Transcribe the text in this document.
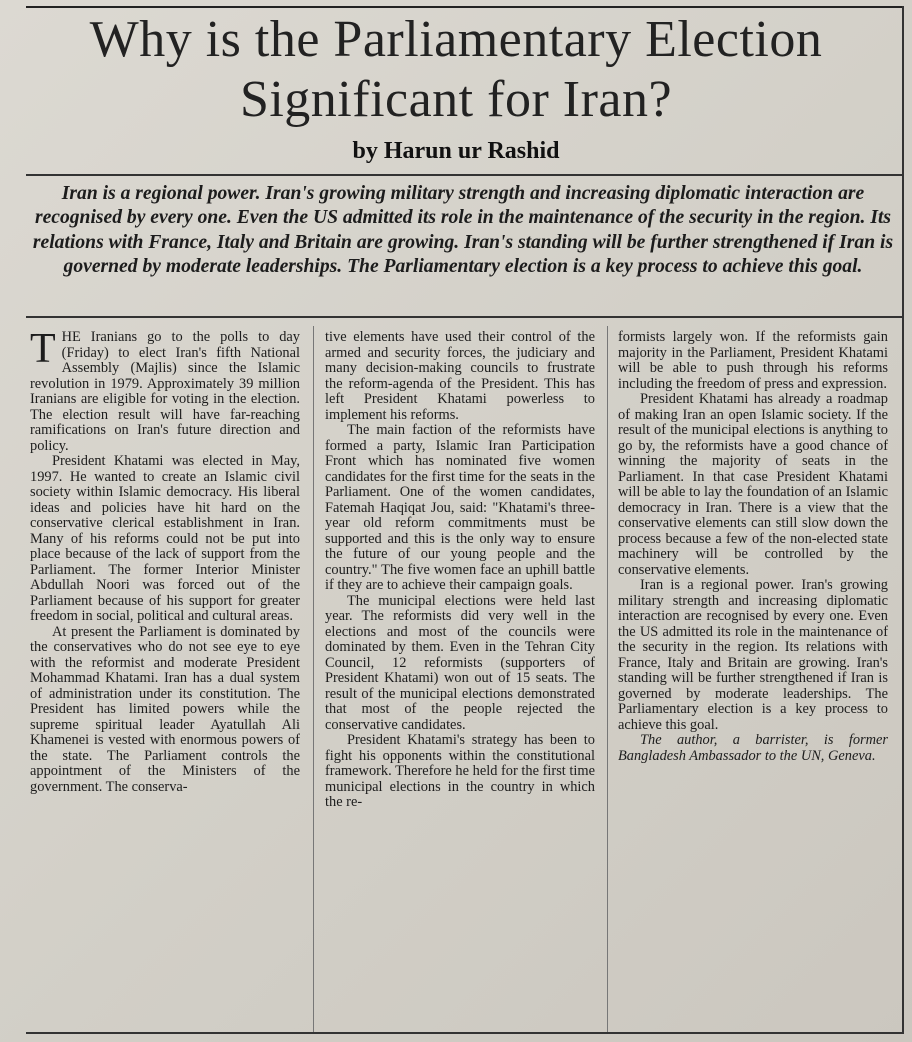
Why is the Parliamentary Election
Significant for Iran?
by Harun ur Rashid
Iran is a regional power. Iran's growing military strength and increasing diplomatic interaction are recognised by every one. Even the US admitted its role in the maintenance of the security in the region. Its relations with France, Italy and Britain are growing. Iran's standing will be further strengthened if Iran is governed by moderate leaderships. The Parliamentary election is a key process to achieve this goal.

THE Iranians go to the polls to day (Friday) to elect Iran's fifth National Assembly (Majlis) since the Islamic revolution in 1979. Approximately 39 million Iranians are eligible for voting in the election. The election result will have far-reaching ramifications on Iran's future direction and policy.

President Khatami was elected in May, 1997. He wanted to create an Islamic civil society within Islamic democracy. His liberal ideas and policies have hit hard on the conservative clerical establishment in Iran. Many of his reforms could not be put into place because of the lack of support from the Parliament. The former Interior Minister Abdullah Noori was forced out of the Parliament because of his support for greater freedom in social, political and cultural areas.

At present the Parliament is dominated by the conservatives who do not see eye to eye with the reformist and moderate President Mohammad Khatami. Iran has a dual system of administration under its constitution. The President has limited powers while the supreme spiritual leader Ayatullah Ali Khamenei is vested with enormous powers of the state. The Parliament controls the appointment of the Ministers of the government. The conserva-

tive elements have used their control of the armed and security forces, the judiciary and many decision-making councils to frustrate the reform-agenda of the President. This has left President Khatami powerless to implement his reforms.

The main faction of the reformists have formed a party, Islamic Iran Participation Front which has nominated five women candidates for the first time for the seats in the Parliament. One of the women candidates, Fatemah Haqiqat Jou, said: "Khatami's three-year old reform commitments must be supported and this is the only way to ensure the future of our young people and the country." The five women face an uphill battle if they are to achieve their campaign goals.

The municipal elections were held last year. The reformists did very well in the elections and most of the councils were dominated by them. Even in the Tehran City Council, 12 reformists (supporters of President Khatami) won out of 15 seats. The result of the municipal elections demonstrated that most of the people rejected the conservative candidates.

President Khatami's strategy has been to fight his opponents within the constitutional framework. Therefore he held for the first time municipal elections in the country in which the re-

formists largely won. If the reformists gain majority in the Parliament, President Khatami will be able to push through his reforms including the freedom of press and expression.

President Khatami has already a roadmap of making Iran an open Islamic society. If the result of the municipal elections is anything to go by, the reformists have a good chance of winning the majority of seats in the Parliament. In that case President Khatami will be able to lay the foundation of an Islamic democracy in Iran. There is a view that the conservative elements can still slow down the process because a few of the non-elected state machinery will be controlled by the conservative elements.

Iran is a regional power. Iran's growing military strength and increasing diplomatic interaction are recognised by every one. Even the US admitted its role in the maintenance of the security in the region. Its relations with France, Italy and Britain are growing. Iran's standing will be further strengthened if Iran is governed by moderate leaderships. The Parliamentary election is a key process to achieve this goal.

The author, a barrister, is former Bangladesh Ambassador to the UN, Geneva.
